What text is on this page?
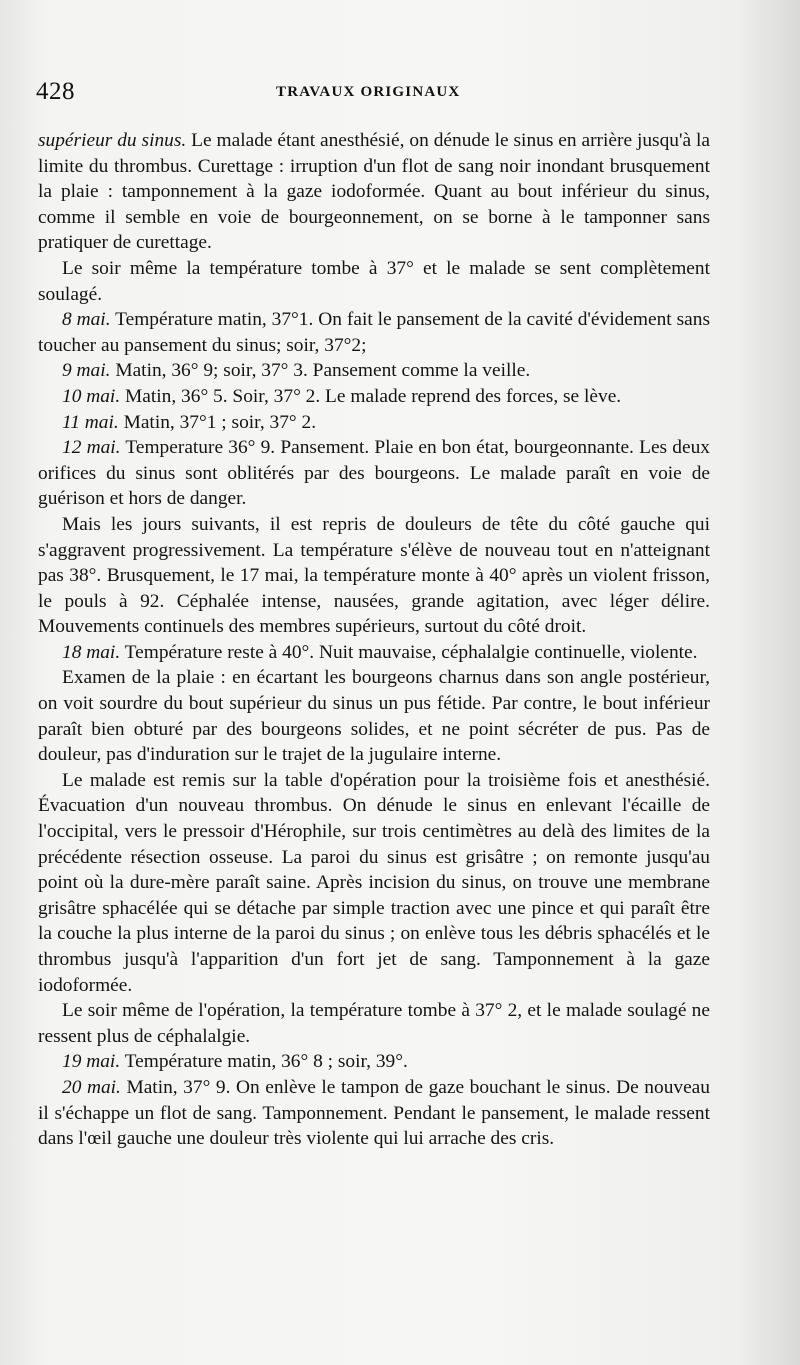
428	TRAVAUX ORIGINAUX

supérieur du sinus. Le malade étant anesthésié, on dénude le sinus en arrière jusqu'à la limite du thrombus. Curettage : irruption d'un flot de sang noir inondant brusquement la plaie : tamponnement à la gaze iodoformée. Quant au bout inférieur du sinus, comme il semble en voie de bourgeonnement, on se borne à le tamponner sans pratiquer de curettage.

Le soir même la température tombe à 37° et le malade se sent complètement soulagé.

8 mai. Température matin, 37°1. On fait le pansement de la cavité d'évidement sans toucher au pansement du sinus; soir, 37°2;

9 mai. Matin, 36° 9; soir, 37° 3. Pansement comme la veille.

10 mai. Matin, 36° 5. Soir, 37° 2. Le malade reprend des forces, se lève.

11 mai. Matin, 37°1 ; soir, 37° 2.

12 mai. Temperature 36° 9. Pansement. Plaie en bon état, bourgeonnante. Les deux orifices du sinus sont oblitérés par des bourgeons. Le malade paraît en voie de guérison et hors de danger.

Mais les jours suivants, il est repris de douleurs de tête du côté gauche qui s'aggravent progressivement. La température s'élève de nouveau tout en n'atteignant pas 38°. Brusquement, le 17 mai, la température monte à 40° après un violent frisson, le pouls à 92. Céphalée intense, nausées, grande agitation, avec léger délire. Mouvements continuels des membres supérieurs, surtout du côté droit.

18 mai. Température reste à 40°. Nuit mauvaise, céphalalgie continuelle, violente.

Examen de la plaie : en écartant les bourgeons charnus dans son angle postérieur, on voit sourdre du bout supérieur du sinus un pus fétide. Par contre, le bout inférieur paraît bien obturé par des bourgeons solides, et ne point sécréter de pus. Pas de douleur, pas d'induration sur le trajet de la jugulaire interne.

Le malade est remis sur la table d'opération pour la troisième fois et anesthésié. Évacuation d'un nouveau thrombus. On dénude le sinus en enlevant l'écaille de l'occipital, vers le pressoir d'Hérophile, sur trois centimètres au delà des limites de la précédente résection osseuse. La paroi du sinus est grisâtre ; on remonte jusqu'au point où la dure-mère paraît saine. Après incision du sinus, on trouve une membrane grisâtre sphacélée qui se détache par simple traction avec une pince et qui paraît être la couche la plus interne de la paroi du sinus ; on enlève tous les débris sphacélés et le thrombus jusqu'à l'apparition d'un fort jet de sang. Tamponnement à la gaze iodoformée.

Le soir même de l'opération, la température tombe à 37° 2, et le malade soulagé ne ressent plus de céphalalgie.

19 mai. Température matin, 36° 8 ; soir, 39°.

20 mai. Matin, 37° 9. On enlève le tampon de gaze bouchant le sinus. De nouveau il s'échappe un flot de sang. Tamponnement. Pendant le pansement, le malade ressent dans l'œil gauche une douleur très violente qui lui arrache des cris.
